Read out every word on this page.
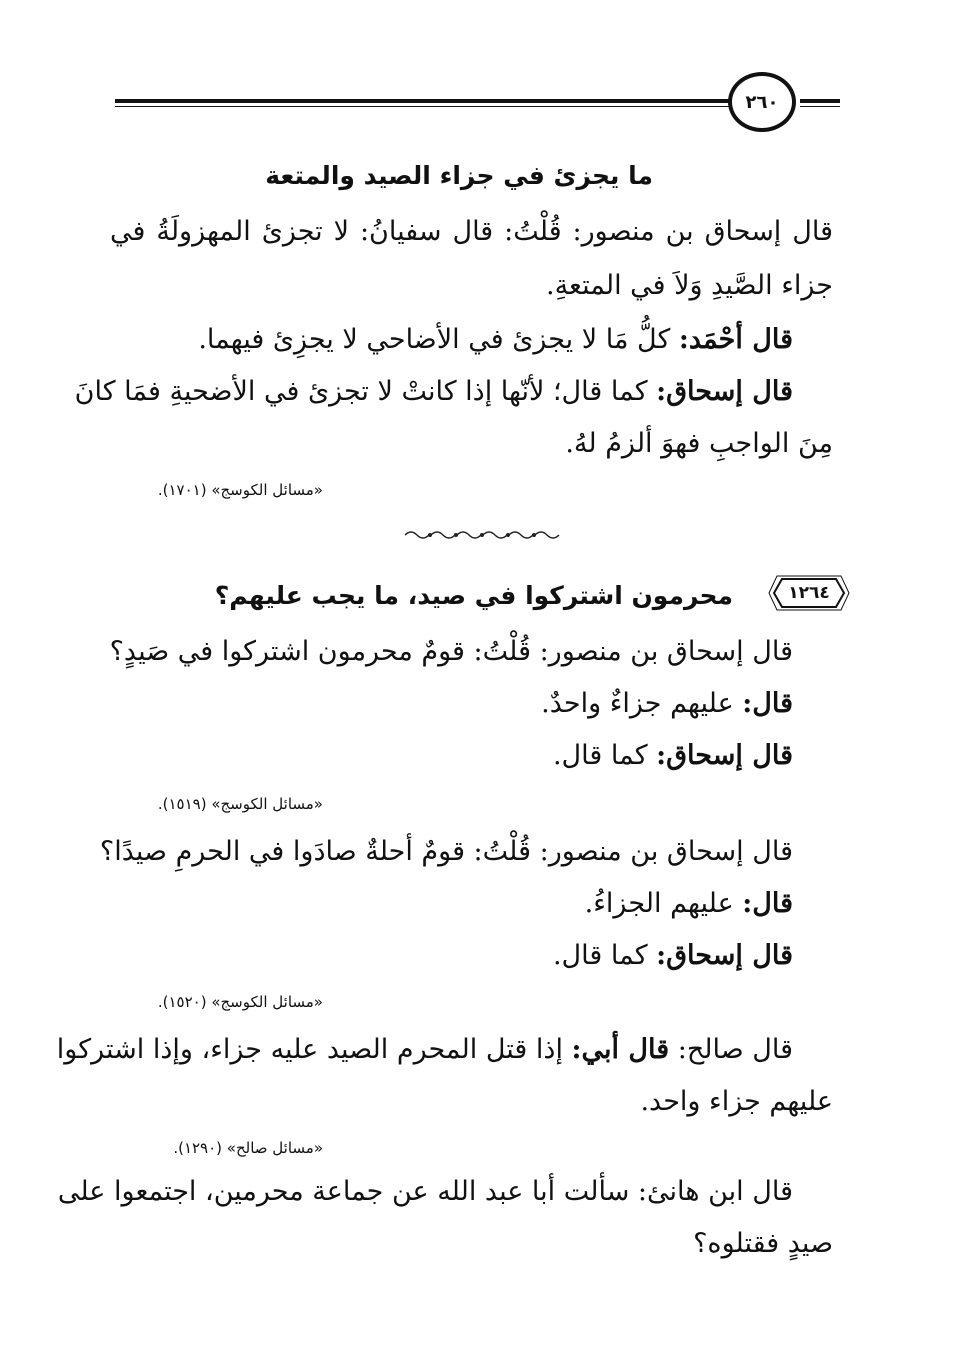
٢٦٠
ما يجزئ في جزاء الصيد والمتعة
قال إسحاق بن منصور: قُلْتُ: قال سفيانُ: لا تجزئ المهزولَةُ في
جزاء الصَّيدِ وَلاَ في المتعةِ.
قال أحْمَد: كلُّ مَا لا يجزئ في الأضاحي لا يجزِئ فيهما.
قال إسحاق: كما قال؛ لأنّها إذا كانتْ لا تجزئ في الأضحيةِ فمَا كانَ
مِنَ الواجبِ فهوَ ألزمُ لهُ.
«مسائل الكوسج» (١٧٠١).
١٢٦٤
محرمون اشتركوا في صيد، ما يجب عليهم؟
قال إسحاق بن منصور: قُلْتُ: قومٌ محرمون اشتركوا في صَيدٍ؟
قال: عليهم جزاءٌ واحدٌ.
قال إسحاق: كما قال.
«مسائل الكوسج» (١٥١٩).
قال إسحاق بن منصور: قُلْتُ: قومٌ أحلةٌ صادَوا في الحرمِ صيدًا؟
قال: عليهم الجزاءُ.
قال إسحاق: كما قال.
«مسائل الكوسج» (١٥٢٠).
قال صالح: قال أبي: إذا قتل المحرم الصيد عليه جزاء، وإذا اشتركوا
عليهم جزاء واحد.
«مسائل صالح» (١٢٩٠).
قال ابن هانئ: سألت أبا عبد الله عن جماعة محرمين، اجتمعوا على
صيدٍ فقتلوه؟
